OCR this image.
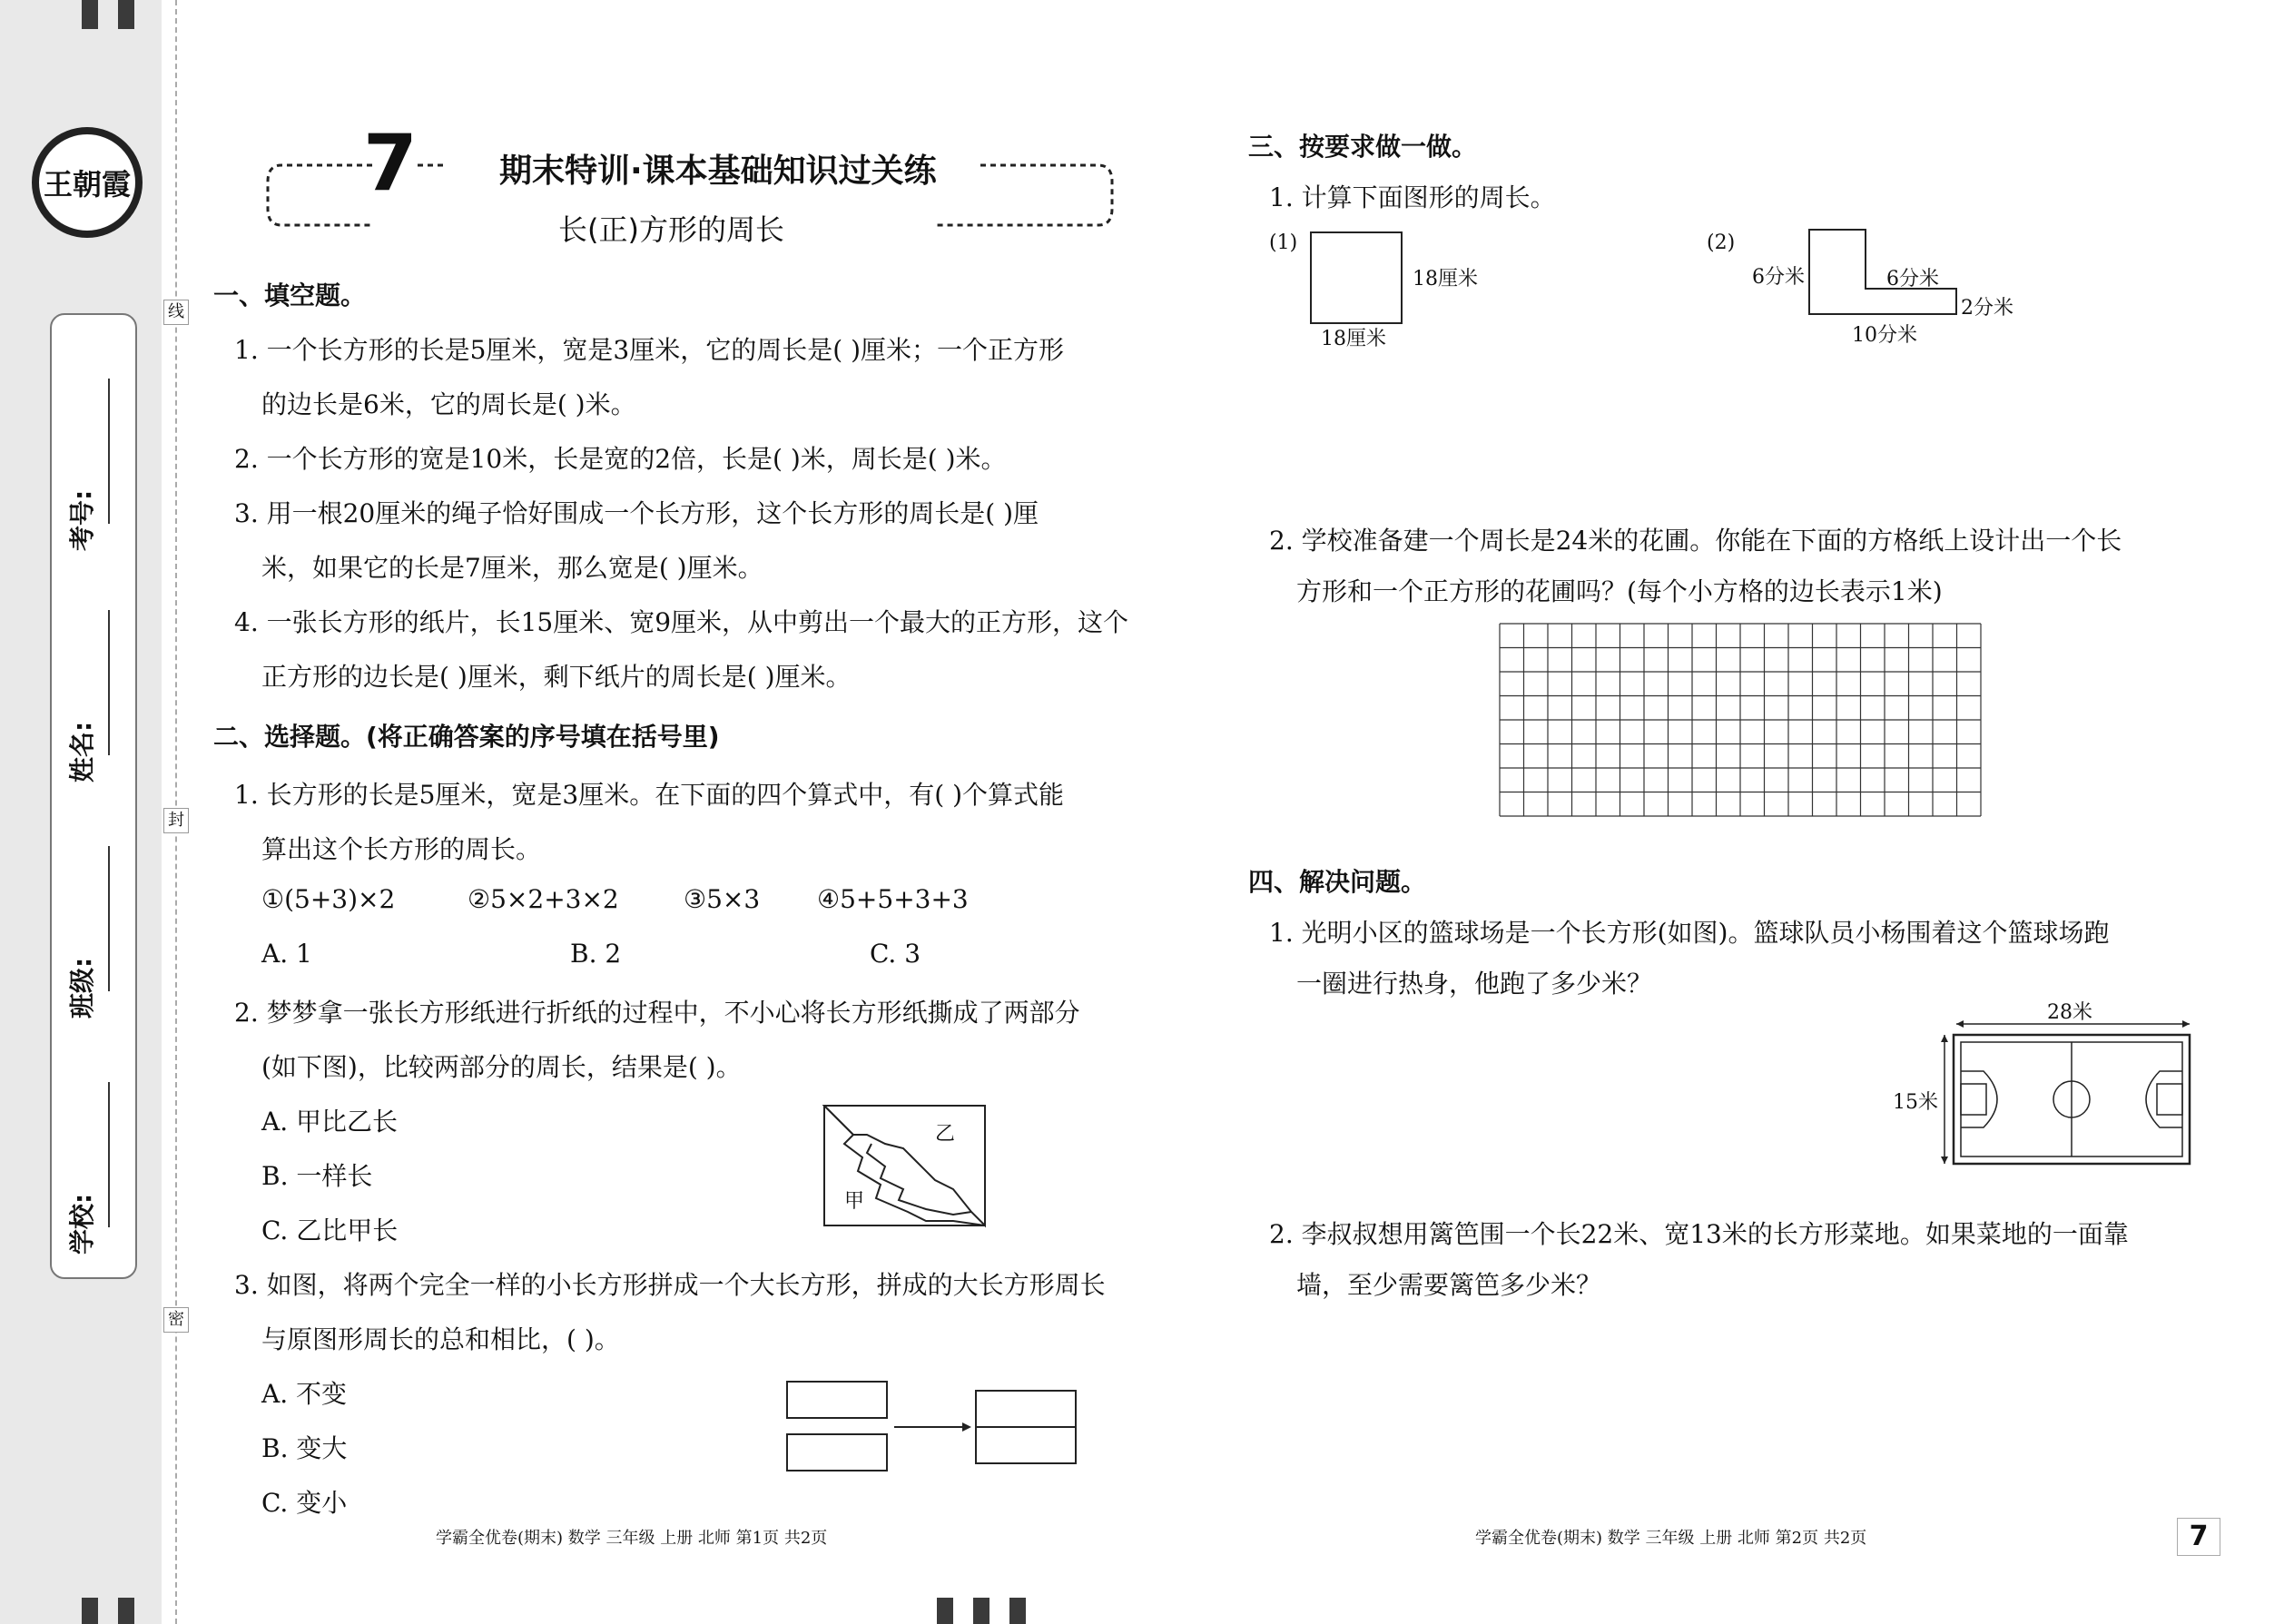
王朝霞
考号:
姓名:
班级:
学校:
线
封
密
7	期末特训·课本基础知识过关练
长(正)方形的周长
一、填空题。
1. 一个长方形的长是5厘米，宽是3厘米，它的周长是( )厘米；一个正方形
的边长是6米，它的周长是( )米。
2. 一个长方形的宽是10米，长是宽的2倍，长是( )米，周长是( )米。
3. 用一根20厘米的绳子恰好围成一个长方形，这个长方形的周长是( )厘
米，如果它的长是7厘米，那么宽是( )厘米。
4. 一张长方形的纸片，长15厘米、宽9厘米，从中剪出一个最大的正方形，这个
正方形的边长是( )厘米，剩下纸片的周长是( )厘米。
二、选择题。(将正确答案的序号填在括号里)
1. 长方形的长是5厘米，宽是3厘米。在下面的四个算式中，有( )个算式能
算出这个长方形的周长。
①(5+3)×2	②5×2+3×2	③5×3 ④5+5+3+3
A. 1	B. 2	C. 3
2. 梦梦拿一张长方形纸进行折纸的过程中，不小心将长方形纸撕成了两部分
(如下图)，比较两部分的周长，结果是( )。
A. 甲比乙长
B. 一样长
C. 乙比甲长
乙
甲
3. 如图，将两个完全一样的小长方形拼成一个大长方形，拼成的大长方形周长
与原图形周长的总和相比，( )。
A. 不变
B. 变大
C. 变小
学霸全优卷(期末) 数学 三年级 上册 北师 第1页 共2页
三、按要求做一做。
1. 计算下面图形的周长。
(1)
18厘米
18厘米
(2)
6分米	6分米
2分米
10分米
2. 学校准备建一个周长是24米的花圃。你能在下面的方格纸上设计出一个长
方形和一个正方形的花圃吗？(每个小方格的边长表示1米)
四、解决问题。
1. 光明小区的篮球场是一个长方形(如图)。篮球队员小杨围着这个篮球场跑
一圈进行热身，他跑了多少米？
28米
15米
2. 李叔叔想用篱笆围一个长22米、宽13米的长方形菜地。如果菜地的一面靠
墙，至少需要篱笆多少米？
学霸全优卷(期末) 数学 三年级 上册 北师 第2页 共2页	7
